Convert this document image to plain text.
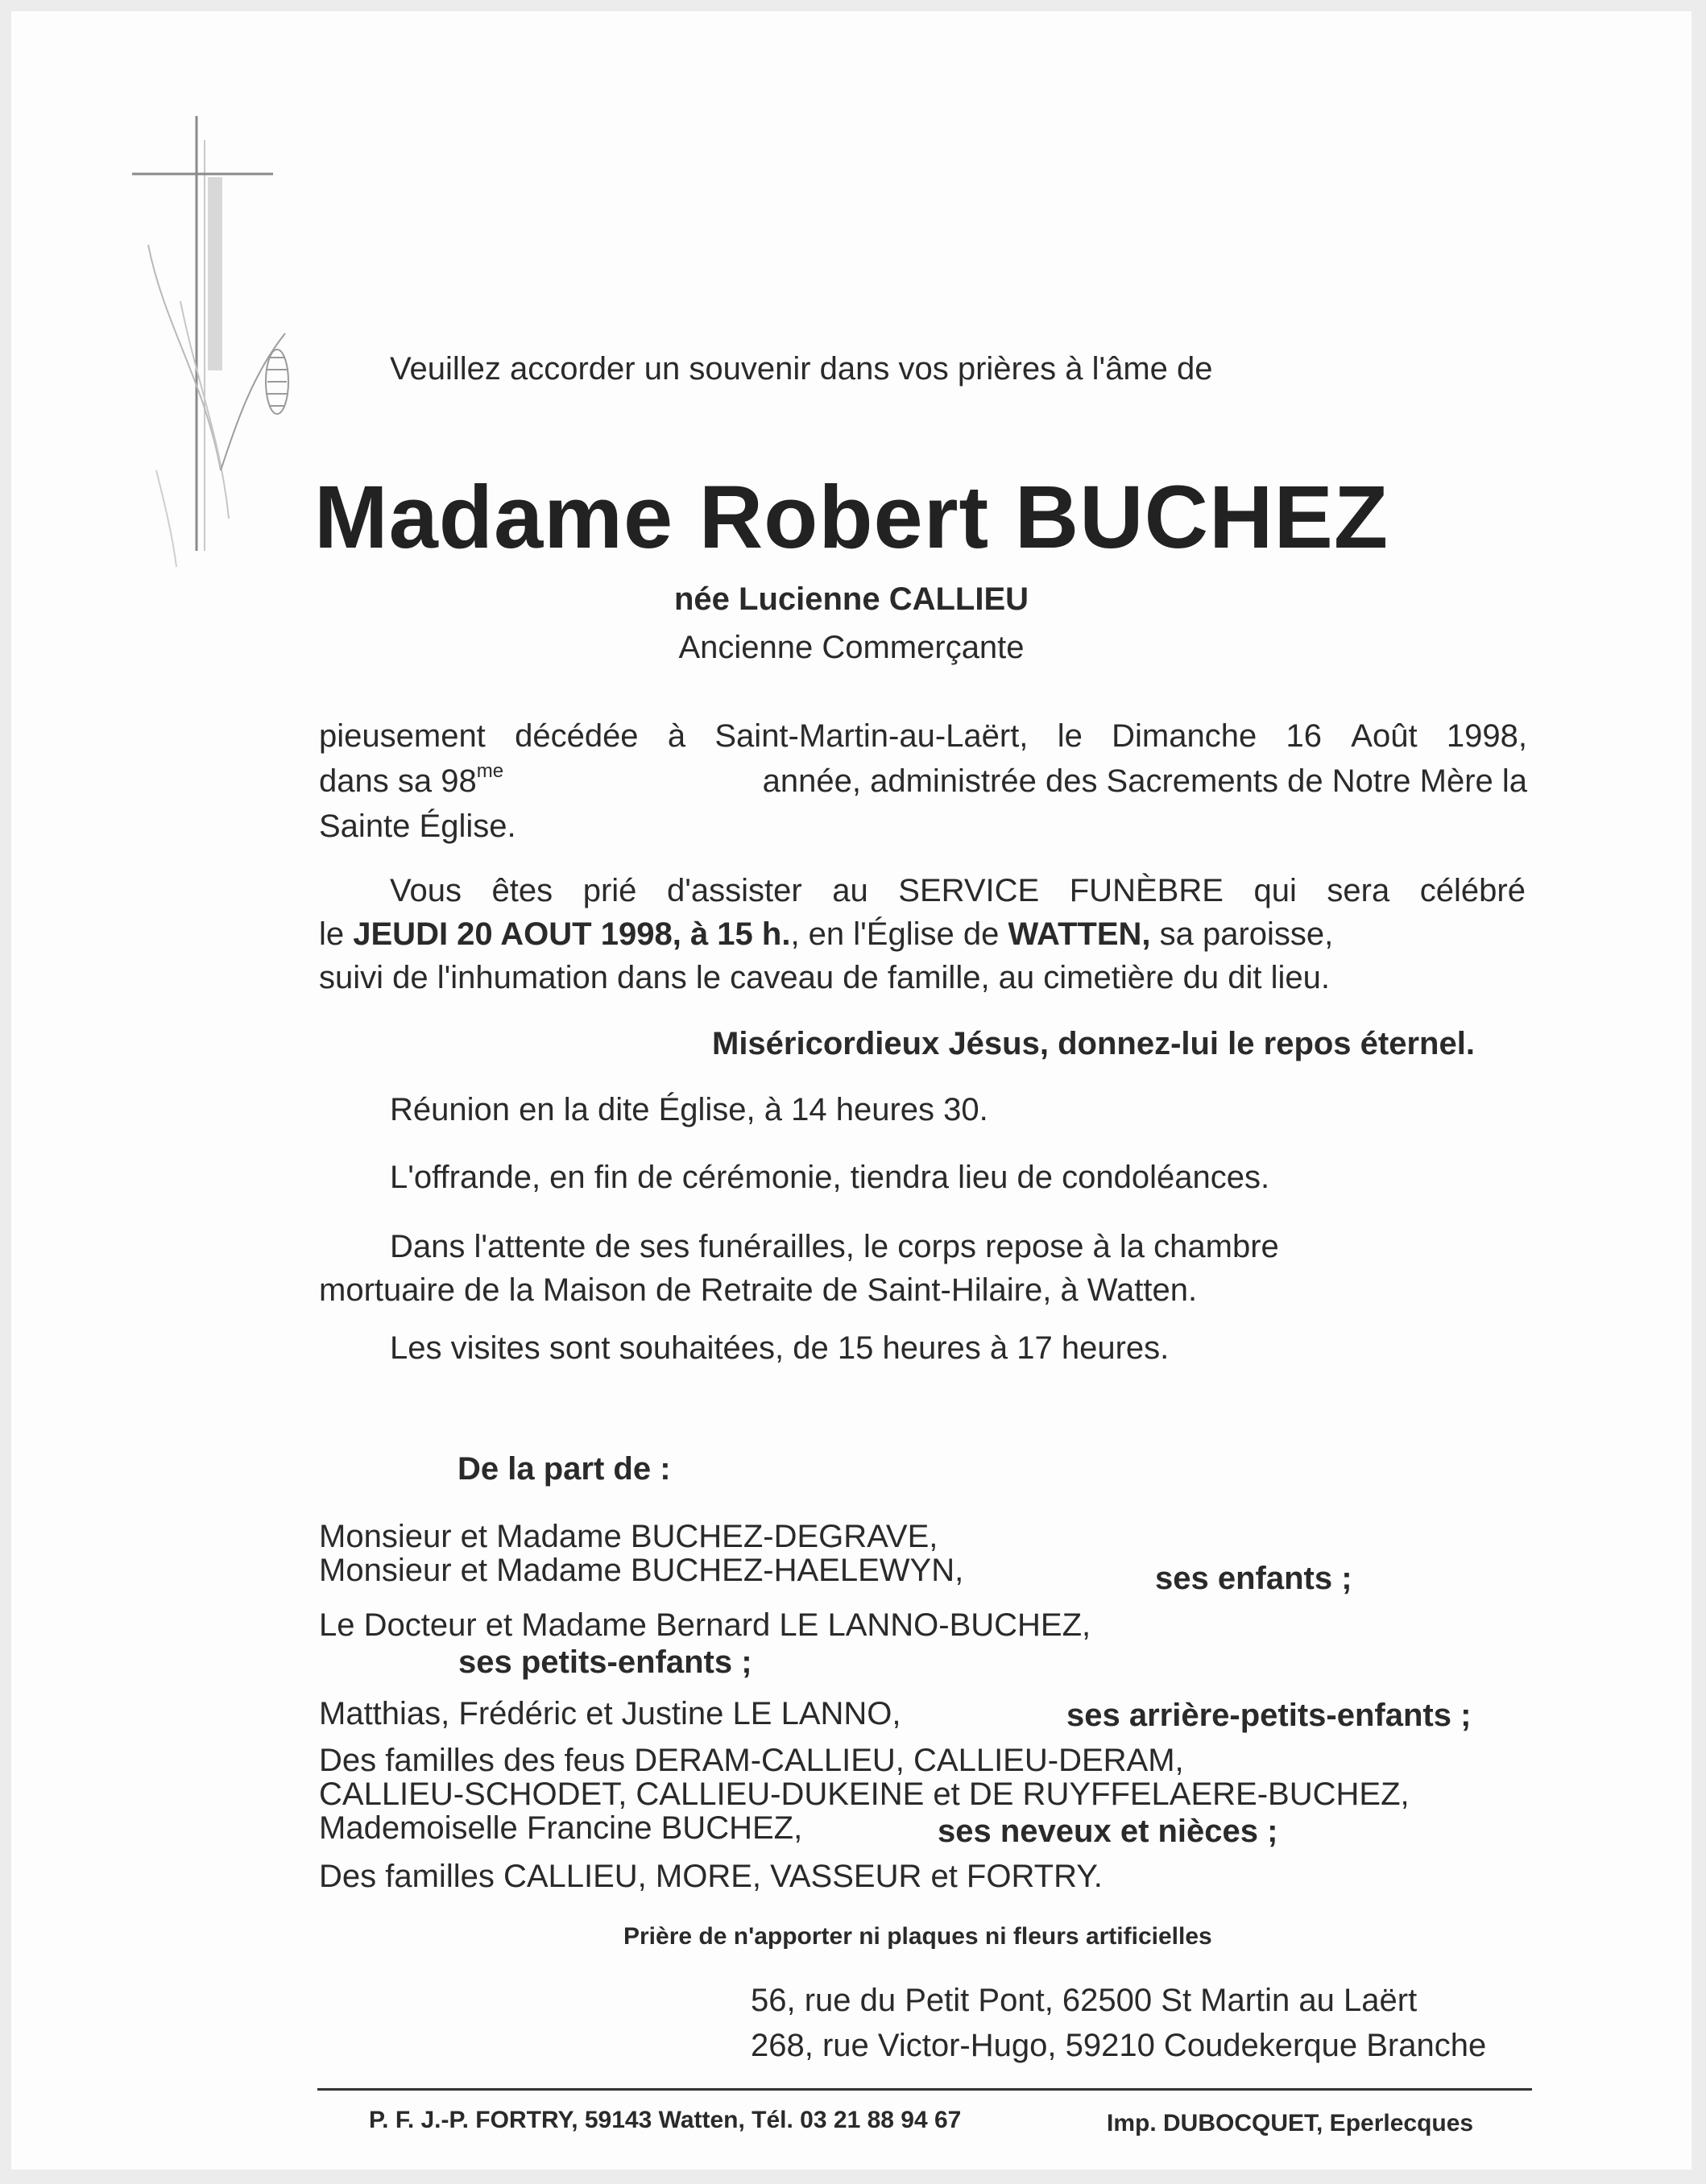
Veuillez accorder un souvenir dans vos prières à l'âme de
Madame Robert BUCHEZ
née Lucienne CALLIEU
Ancienne Commerçante
pieusement décédée à Saint-Martin-au-Laërt, le Dimanche 16 Août 1998,
dans sa $98^{me}$	année, administrée des Sacrements de Notre Mère la
Sainte Église.
Vous êtes prié d'assister au SERVICE FUNÈBRE qui sera célébré
le JEUDI 20 AOUT 1998, à 15 h., en l'Église de WATTEN, sa paroisse,
suivi de l'inhumation dans le caveau de famille, au cimetière du dit lieu.
Miséricordieux Jésus, donnez-lui le repos éternel.
Réunion en la dite Église, à 14 heures 30.
L'offrande, en fin de cérémonie, tiendra lieu de condoléances.
Dans l'attente de ses funérailles, le corps repose à la chambre
mortuaire de la Maison de Retraite de Saint-Hilaire, à Watten.
Les visites sont souhaitées, de 15 heures à 17 heures.
De la part de :
Monsieur et Madame BUCHEZ-DEGRAVE,
Monsieur et Madame BUCHEZ-HAELEWYN,	ses enfants ;
Le Docteur et Madame Bernard LE LANNO-BUCHEZ,
ses petits-enfants ;
Matthias, Frédéric et Justine LE LANNO,	ses arrière-petits-enfants ;
Des familles des feus DERAM-CALLIEU, CALLIEU-DERAM,
CALLIEU-SCHODET, CALLIEU-DUKEINE et DE RUYFFELAERE-BUCHEZ,
Mademoiselle Francine BUCHEZ,	ses neveux et nièces ;
Des familles CALLIEU, MORE, VASSEUR et FORTRY.
Prière de n'apporter ni plaques ni fleurs artificielles
56, rue du Petit Pont, 62500 St Martin au Laërt
268, rue Victor-Hugo, 59210 Coudekerque Branche
P. F. J.-P. FORTRY, 59143 Watten, Tél. 03 21 88 94 67	Imp. DUBOCQUET, Eperlecques
